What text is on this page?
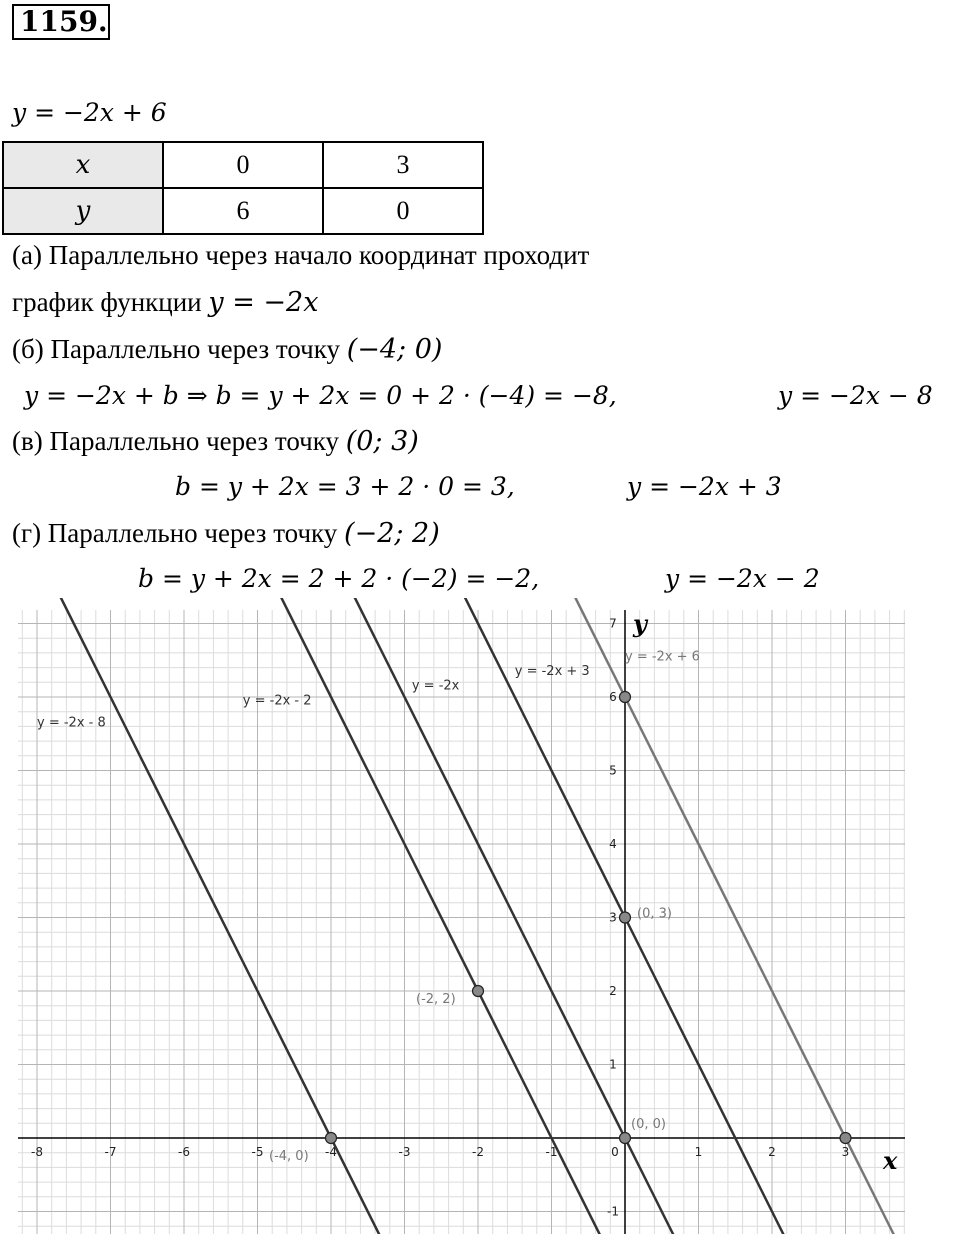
1159.
y = −2x + 6
x	0	3
y	6	0
(а) Параллельно через начало координат проходит
график функции y = −2x
(б) Параллельно через точку (−4; 0)
y = −2x + b ⇒ b = y + 2x = 0 + 2 · (−4) = −8,	y = −2x − 8
(в) Параллельно через точку (0; 3)
b = y + 2x = 3 + 2 · 0 = 3,	y = −2x + 3
(г) Параллельно через точку (−2; 2)
b = y + 2x = 2 + 2 · (−2) = −2,	y = −2x − 2
-8	-7	-6	-5	-4	-3	-2	-1	0	1	2	3
-1
1
2
3
4
5
6
7
x
y
y = -2x - 8
y = -2x - 2
y = -2x
y = -2x + 3
y = -2x + 6
(-4, 0)
(-2, 2)
(0, 0)
(0, 3)
